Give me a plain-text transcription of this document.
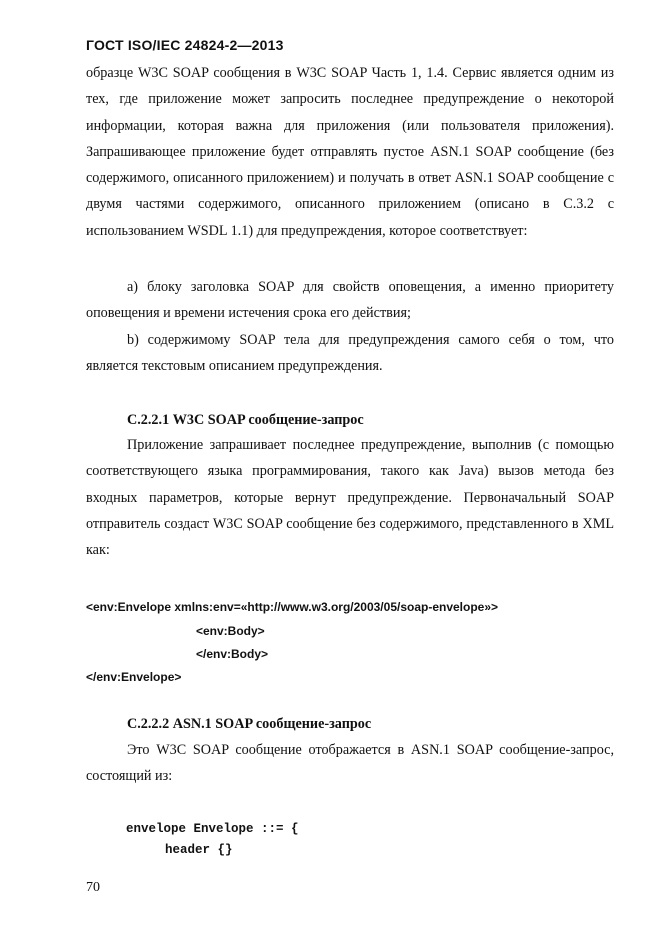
ГОСТ ISO/IEC 24824-2—2013

образце W3C SOAP сообщения в W3C SOAP Часть 1, 1.4. Сервис является одним из тех, где приложение может запросить последнее предупреждение о некоторой информации, которая важна для приложения (или пользователя приложения). Запрашивающее приложение будет отправлять пустое ASN.1 SOAP сообщение (без содержимого, описанного приложением) и получать в ответ ASN.1 SOAP сообщение с двумя частями содержимого, описанного приложением (описано в С.3.2 с использованием WSDL 1.1) для предупреждения, которое соответствует:

а) блоку заголовка SOAP для свойств оповещения, а именно приоритету оповещения и времени истечения срока его действия;

b) содержимому SOAP тела для предупреждения самого себя о том, что является текстовым описанием предупреждения.

С.2.2.1 W3C SOAP сообщение-запрос

Приложение запрашивает последнее предупреждение, выполнив (с помощью соответствующего языка программирования, такого как Java) вызов метода без входных параметров, которые вернут предупреждение. Первоначальный SOAP отправитель создаст W3C SOAP сообщение без содержимого, представленного в XML как:

<env:Envelope xmlns:env=«http://www.w3.org/2003/05/soap-envelope»>
<env:Body>
</env:Body>
</env:Envelope>
С.2.2.2 ASN.1 SOAP сообщение-запрос

Это W3C SOAP сообщение отображается в ASN.1 SOAP сообщение-запрос, состоящий из:

envelope Envelope ::= {
header {}
70
